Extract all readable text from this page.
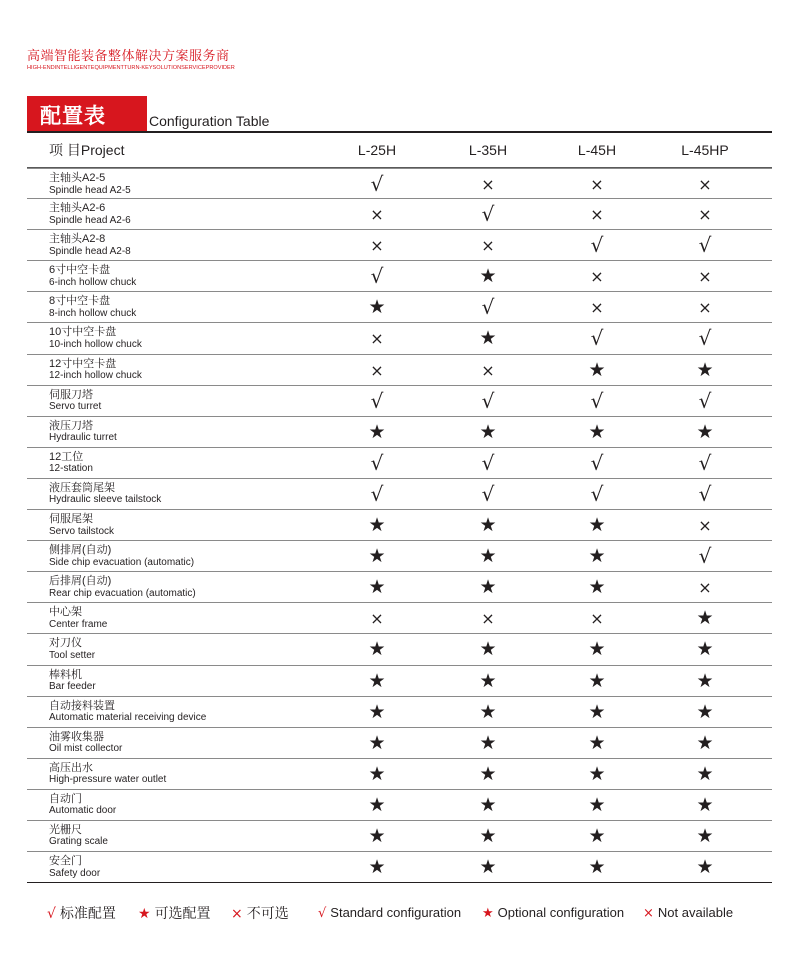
高端智能装备整体解决方案服务商
HIGH-ENDINTELLIGENTEQUIPMENTTURN-KEYSOLUTIONSERVICEPROVIDER
配置表	Configuration Table
项 目Project	L-25H	L-35H	L-45H	L-45HP
主轴头A2-5
Spindle head A2-5	√	×	×	×
主轴头A2-6
Spindle head A2-6	×	√	×	×
主轴头A2-8
Spindle head A2-8	×	×	√	√
6寸中空卡盘
6-inch hollow chuck	√	★	×	×
8寸中空卡盘
8-inch hollow chuck	★	√	×	×
10寸中空卡盘
10-inch hollow chuck	×	★	√	√
12寸中空卡盘
12-inch hollow chuck	×	×	★	★
伺服刀塔
Servo turret	√	√	√	√
液压刀塔
Hydraulic turret	★	★	★	★
12工位
12-station	√	√	√	√
液压套筒尾架
Hydraulic sleeve tailstock	√	√	√	√
伺服尾架
Servo tailstock	★	★	★	×
侧排屑(自动)
Side chip evacuation (automatic)	★	★	★	√
后排屑(自动)
Rear chip evacuation (automatic)	★	★	★	×
中心架
Center frame	×	×	×	★
对刀仪
Tool setter	★	★	★	★
棒料机
Bar feeder	★	★	★	★
自动接料装置
Automatic material receiving device	★	★	★	★
油雾收集器
Oil mist collector	★	★	★	★
高压出水
High-pressure water outlet	★	★	★	★
自动门
Automatic door	★	★	★	★
光栅尺
Grating scale	★	★	★	★
安全门
Safety door	★	★	★	★
√ 标准配置 ★ 可选配置 × 不可选 √ Standard configuration ★ Optional configuration × Not available
